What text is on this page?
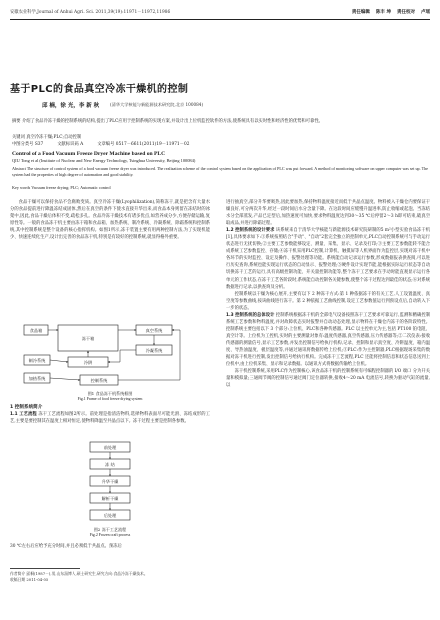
安徽农业科学,Journal of Anhui Agri. Sci. 2011,39(19):11971－11972,11986	责任编辑 陈丰 坤 责任校对 卢瑶
基于PLC的食品真空冷冻干燥机的控制
邱 楠，徐 光，李 新 秋	(清华大学核能与新能源技术研究院,北京 100084)
摘要 介绍了食品冷冻干燥的控制系统的结构,提出了PLC应用于控制系统的实现方案,并设计出上位机监控软件的方法,使系统具有以实时性和经济性的优势和可靠性。
关键词 真空冷冻干燥;PLC;自动控制
中图分类号 S37	文献标识码 A	文章编号 0517－6611(2011)19－11971－02
Control of a Food Vacuum Freeze Dryer Machine based on PLC
QIU Tong et al (Institute of Nuclear and New Energy Technology, Tsinghua University, Beijing 100084)
Abstract The structure of control system of a food vacuum freeze dryer was introduced. The realization scheme of the control system based on the application of PLC was put forward. A method of monitoring software on upper computer was set up. The system had the properties of high degree of automation and good stability.
Key words Vacuum freeze drying; PLC; Automatic control

食品干燥可以保持食品不会腐败变质。真空冷冻干燥(Lyophilization),简称冻干,就是把含有大量水分的食品提前进行降温冻结成固体,然后在真空的条件下使水直接升华出来,而食品本身则留在冻结时的冰架中,因此,食品干燥后体积不变,疏松多孔。食品冷冻干燥技术有诸多优点,如营养成分少,方便存储运输,复原性等。一般的食品冻干机主要由冻干箱和食品箱、加热系统、制冷系统、冷凝系统、除霜系统和控制系统,其中控制系统是整个设备的核心指挥机构。如图1所示,冻干装置主要有用两种控制方法,为了实现机能少、快速连续化生产,设计出完善的食品冻干机,特别是有较好的控制系统,就显得格外重要。

食品箱
冻干箱
真空系统
制冷系统	冷阱
冷凝系统
加热系统	控制系统
图1 食品冻干机系统框图
Fig.1 Frame of food freeze drying system
1 控制系统简介

1.1 工艺流程 冻干工艺流程如图2所示。前处理是指清洁物料,选择物料表面尽可能光滑、冻结成形的工艺,主要是要控制其在温度上相对恒定,使物料降温至共晶点以下。冻干过程主要是控制各参数。

前处理
冻 结
升华干燥
解析干燥
后处理
图2 冻干工艺流程
Fig.2 Frozen craft process

30 ℃左右后应给予充分时间,并且必须低于共晶点。预冻后

作者简介 邱桐(1987－),男,山东淄博人,硕士研究生,研究方向:食品冷冻干燥技术。
收稿日期 2011-04-05

进行抽真空,部分升华要吸热,因此要加热,保持物料温度接近而低于共晶点温度。物料被入干燥仓内要保证干燥良好,可分两次升华,经过一段时间后水分含量下降。在这段时间应缓慢升温进率,防止收缩或起泡。当冻结水分全部蒸发,产品已定型后,加热速度可加快,要求物料温度达到30～35 ℃后停留2～3 h即可结束,破真空取成品,并进行除霜过程。

1.2 控制系统的设计要求 该系统来自于清华大学核能与新能源技术研究院研制的5 m²小型实验食品冻干机[1],具体要求如下:①系统按照结合"手动"、"自动"2套完全独立的控制单元,PLC自动控制系统可与手动运行状态进行无扰切换;②主要工艺参数能够设定、测量、采集、显示、记录及打印;③主要工艺参数能转不能合成系统工艺参数监控、存储;④冻干机采用PLC控制,计算机、触摸屏等人机界面作为监控层,实现对冻干机中各环节的实时监控、设定及操作、报警处理等功能。系统能自动记录运行参数,形成数据报表供查阅,可以进行历史查询,系统也能实现运行状态的自动显示、报警处理;⑤硬件设计实现节能,能根据实际运行状态等自动切换冻干工艺的运行,具有高级控制功能、开关量控制功能等,整个冻干工艺要求在手动时能直观显示运行各单元的工作状态,在冻干工艺各阶段时,系统能自动控制各关键参数,使整个冻干过程达到最佳的状态;⑥对系统数据进行记录,以供查询及分析。

控制系统以干燥为核心展开,主要有以下 2 种冻干方式:第 1 种依据冻干的有关工艺,人工设置温度、真空度等参数曲线,按该曲线进行冻干。第 2 种依据工艺曲线控制,设定工艺参数值运行到预设点后,自动转入下一步的状态。

1.3 控制系统的总体设计 控制系统根据冻干机的全部电气设备按照冻干工艺要求可靠运行,监测和精确控制系统工艺参数和物料温度,并对故障状态实时报警并自动动态处理,显示物料在干燥仓内冻干的各阶段特性。控制系统主要包括以下 3 个部分:上位机、PLC和各种传感器。PLC 以主控单元为主,包括 PT100 铂电阻、真空计等。上位机为工控机,实时的主要测量对象有:温度传感器,真空传感器,压力传感器等;②二次仪表:接收传感器的测量信号,显示工艺参数,并发出控制信号给执行机构,记录、控制和显示真空度、冷阱温度、箱内温度、导热油温度、板层温度等,并通过通讯将数据传给上位机;③PLC:作为主控制器,PLC根据现场采集的数据对冻干机进行控制,发出控制信号给执行机构。完成冻干工艺流程,PLC 还能将控制信息和状态信息送到上位机中,由上位机采集、显示和记录数据。以通讯方式将数据传输给上位机。

冻干机控制系统,采用PLC作为控制核心,该食品冻干机的控制系统有可编程控制器的 I/O 端口 分为开关量和模拟量;三通阀节阀的控制信号通过阀门定位器转换,接收4～20 mA 电流信号,转换为驱动气缸的流量,以
